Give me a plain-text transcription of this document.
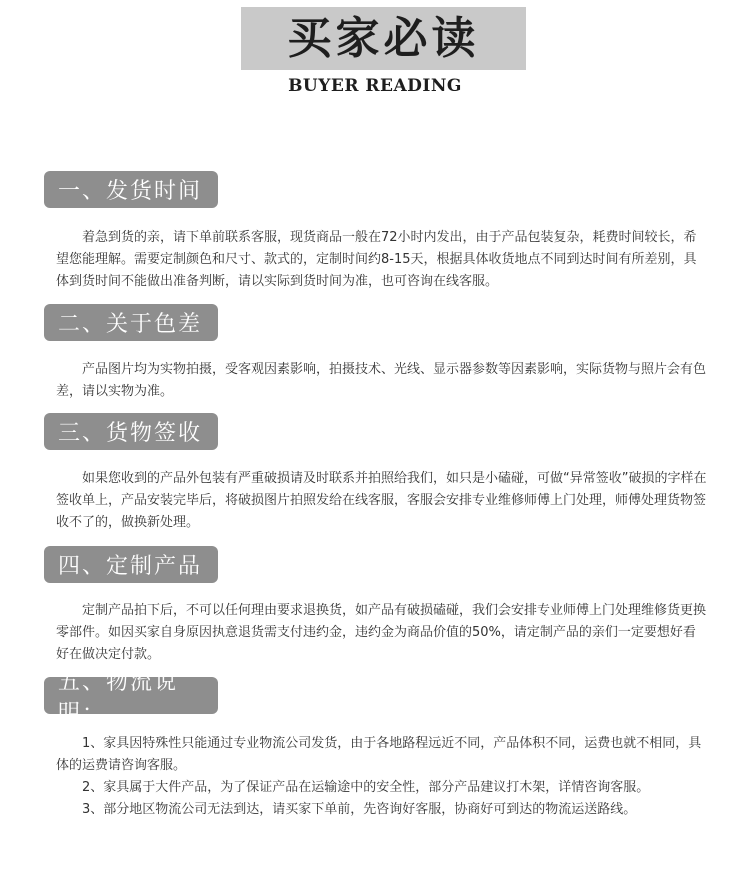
买家必读
BUYER READING
一、发货时间

着急到货的亲，请下单前联系客服，现货商品一般在72小时内发出，由于产品包装复杂，耗费时间较长，希望您能理解。需要定制颜色和尺寸、款式的，定制时间约8-15天，根据具体收货地点不同到达时间有所差别，具体到货时间不能做出准备判断，请以实际到货时间为准，也可咨询在线客服。

二、关于色差

产品图片均为实物拍摄，受客观因素影响，拍摄技术、光线、显示器参数等因素影响，实际货物与照片会有色差，请以实物为准。

三、货物签收

如果您收到的产品外包装有严重破损请及时联系并拍照给我们，如只是小磕碰，可做“异常签收”破损的字样在签收单上，产品安装完毕后，将破损图片拍照发给在线客服，客服会安排专业维修师傅上门处理，师傅处理货物签收不了的，做换新处理。

四、定制产品

定制产品拍下后，不可以任何理由要求退换货，如产品有破损磕碰，我们会安排专业师傅上门处理维修货更换零部件。如因买家自身原因执意退货需支付违约金，违约金为商品价值的50%，请定制产品的亲们一定要想好看好在做决定付款。

五、物流说明：

1、家具因特殊性只能通过专业物流公司发货，由于各地路程远近不同，产品体积不同，运费也就不相同，具体的运费请咨询客服。

2、家具属于大件产品，为了保证产品在运输途中的安全性，部分产品建议打木架，详情咨询客服。

3、部分地区物流公司无法到达，请买家下单前，先咨询好客服，协商好可到达的物流运送路线。
